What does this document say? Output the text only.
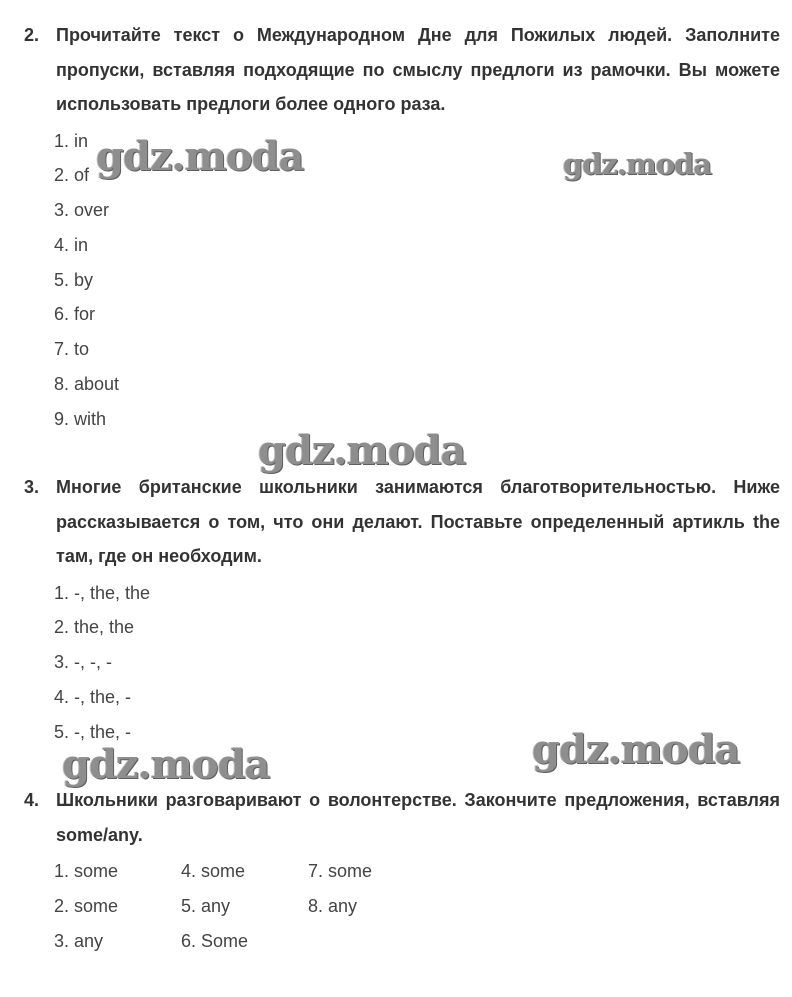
2. Прочитайте текст о Международном Дне для Пожилых людей. Заполните пропуски, вставляя подходящие по смыслу предлоги из рамочки. Вы можете использовать предлоги более одного раза.
1. in
2. of
3. over
4. in
5. by
6. for
7. to
8. about
9. with
3. Многие британские школьники занимаются благотворительностью. Ниже рассказывается о том, что они делают. Поставьте определенный артикль the там, где он необходим.
1. -, the, the
2. the, the
3. -, -, -
4. -, the, -
5. -, the, -
4. Школьники разговаривают о волонтерстве. Закончите предложения, вставляя some/any.
1. some
2. some
3. any
4. some
5. any
6. Some
7. some
8. any
gdz.moda	gdz.moda
gdz.moda
gdz.moda
gdz.moda
